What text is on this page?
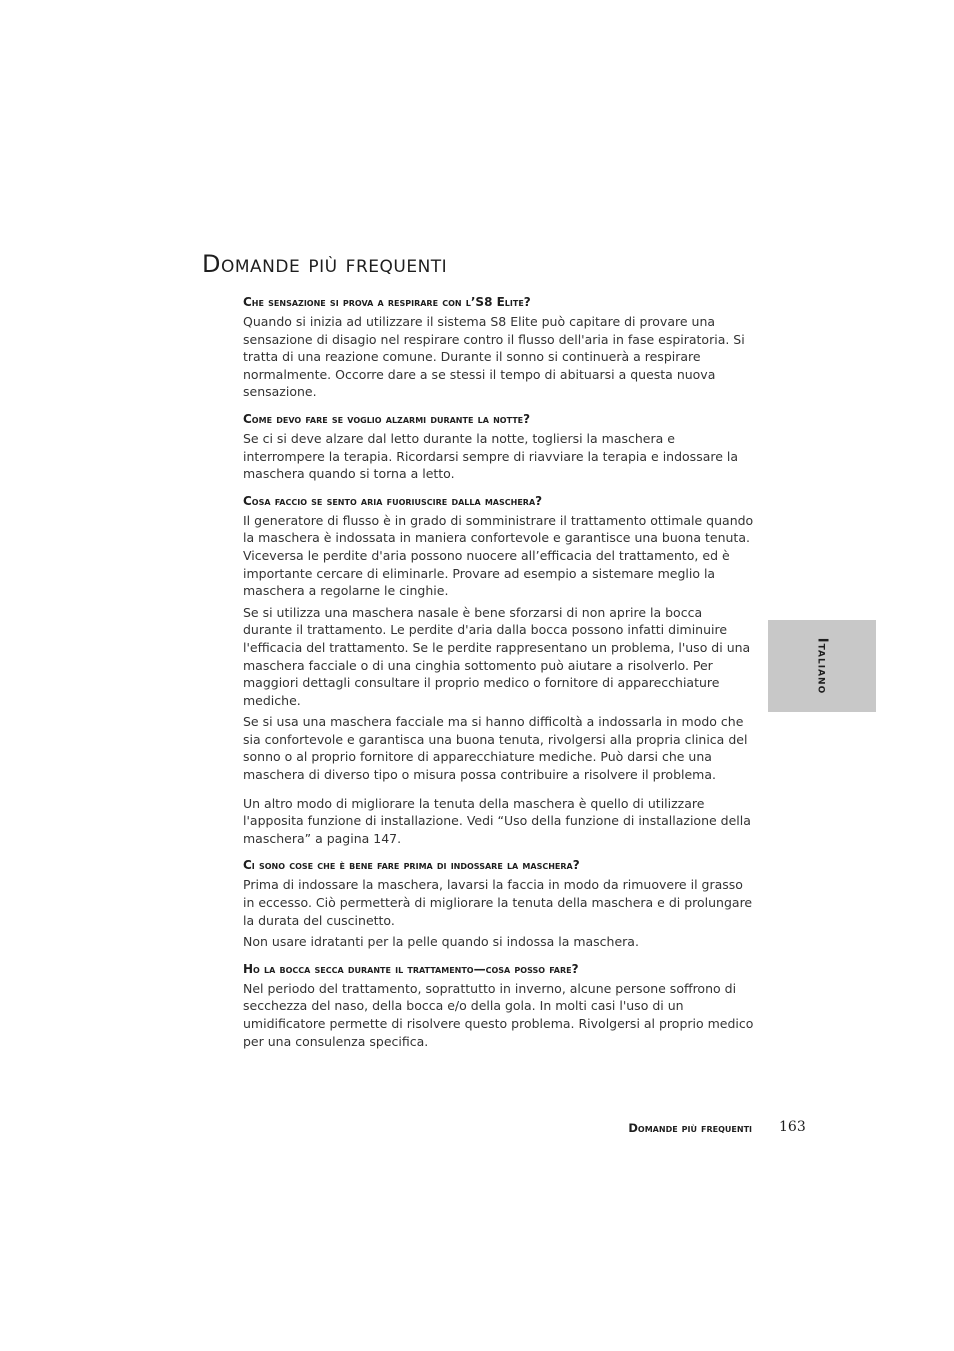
Domande più frequenti
Che sensazione si prova a respirare con l’S8 Elite?

Quando si inizia ad utilizzare il sistema S8 Elite può capitare di provare una sensazione di disagio nel respirare contro il flusso dell'aria in fase espiratoria. Si tratta di una reazione comune. Durante il sonno si continuerà a respirare normalmente. Occorre dare a se stessi il tempo di abituarsi a questa nuova sensazione.

Come devo fare se voglio alzarmi durante la notte?

Se ci si deve alzare dal letto durante la notte, togliersi la maschera e interrompere la terapia. Ricordarsi sempre di riavviare la terapia e indossare la maschera quando si torna a letto.

Cosa faccio se sento aria fuoriuscire dalla maschera?

Il generatore di flusso è in grado di somministrare il trattamento ottimale quando la maschera è indossata in maniera confortevole e garantisce una buona tenuta. Viceversa le perdite d'aria possono nuocere all’efficacia del trattamento, ed è importante cercare di eliminarle. Provare ad esempio a sistemare meglio la maschera a regolarne le cinghie.

Se si utilizza una maschera nasale è bene sforzarsi di non aprire la bocca durante il trattamento. Le perdite d'aria dalla bocca possono infatti diminuire l'efficacia del trattamento. Se le perdite rappresentano un problema, l'uso di una maschera facciale o di una cinghia sottomento può aiutare a risolverlo. Per maggiori dettagli consultare il proprio medico o fornitore di apparecchiature mediche.

Se si usa una maschera facciale ma si hanno difficoltà a indossarla in modo che sia confortevole e garantisca una buona tenuta, rivolgersi alla propria clinica del sonno o al proprio fornitore di apparecchiature mediche. Può darsi che una maschera di diverso tipo o misura possa contribuire a risolvere il problema.

Un altro modo di migliorare la tenuta della maschera è quello di utilizzare l'apposita funzione di installazione. Vedi “Uso della funzione di installazione della maschera” a pagina 147.

Ci sono cose che è bene fare prima di indossare la maschera?

Prima di indossare la maschera, lavarsi la faccia in modo da rimuovere il grasso in eccesso. Ciò permetterà di migliorare la tenuta della maschera e di prolungare la durata del cuscinetto.

Non usare idratanti per la pelle quando si indossa la maschera.

Ho la bocca secca durante il trattamento—cosa posso fare?

Nel periodo del trattamento, soprattutto in inverno, alcune persone soffrono di secchezza del naso, della bocca e/o della gola. In molti casi l'uso di un umidificatore permette di risolvere questo problema. Rivolgersi al proprio medico per una consulenza specifica.

Italiano
Domande più frequenti 163
